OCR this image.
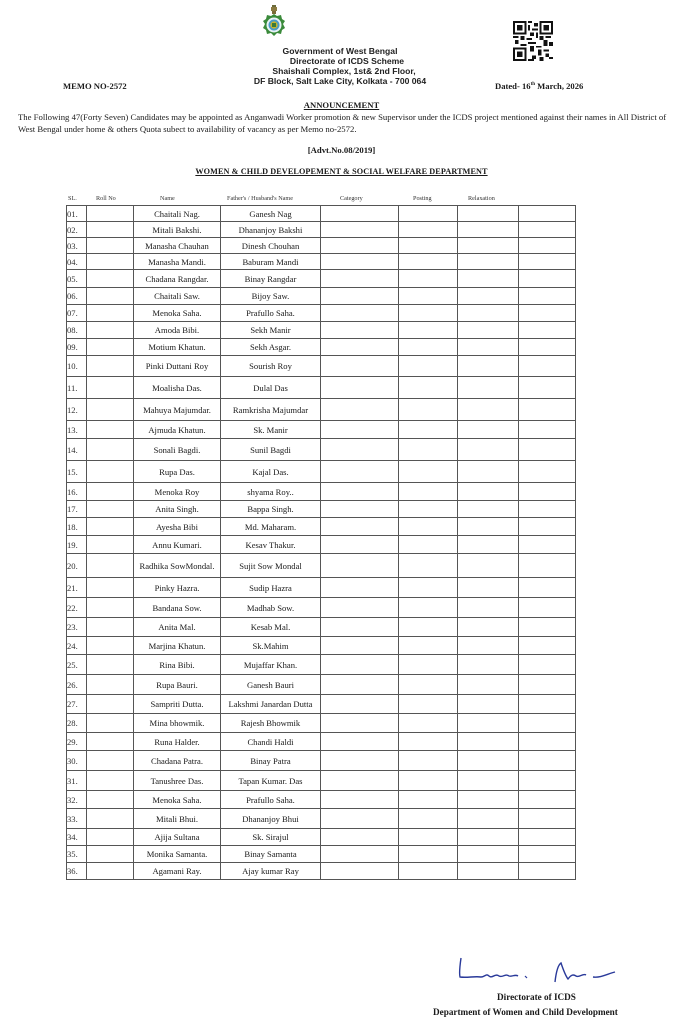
Government of West Bengal
Directorate of ICDS Scheme
Shaishali Complex, 1st& 2nd Floor,
DF Block, Salt Lake City, Kolkata - 700 064
MEMO NO-2572	Dated- 16th March, 2026
ANNOUNCEMENT
The Following 47(Forty Seven) Candidates may be appointed as Anganwadi Worker promotion & new Supervisor under the ICDS project mentioned against their names in All District of West Bengal under home & others Quota subect to availability of vacancy as per Memo no-2572.
[Advt.No.08/2019]
WOMEN & CHILD DEVELOPEMENT & SOCIAL WELFARE DEPARTMENT
SL.	Roll No	Name	Father's / Husband's Name	Category	Posting	Relaxation
01.		Chaitali Nag.	Ganesh Nag				
02.		Mitali Bakshi.	Dhananjoy Bakshi				
03.		Manasha Chauhan	Dinesh Chouhan				
04.		Manasha Mandi.	Baburam Mandi				
05.		Chadana Rangdar.	Binay Rangdar				
06.		Chaitali Saw.	Bijoy Saw.				
07.		Menoka Saha.	Prafullo Saha.				
08.		Amoda Bibi.	Sekh Manir				
09.		Motium Khatun.	Sekh Asgar.				
10.		Pinki Duttani Roy	Sourish Roy				
11.		Moalisha Das.	Dulal Das				
12.		Mahuya Majumdar.	Ramkrisha Majumdar				
13.		Ajmuda Khatun.	Sk. Manir				
14.		Sonali Bagdi.	Sunil Bagdi				
15.		Rupa Das.	Kajal Das.				
16.		Menoka Roy	shyama Roy..				
17.		Anita Singh.	Bappa Singh.				
18.		Ayesha Bibi	Md. Maharam.				
19.		Annu Kumari.	Kesav Thakur.				
20.		Radhika SowMondal.	Sujit Sow Mondal				
21.		Pinky Hazra.	Sudip Hazra				
22.		Bandana Sow.	Madhab Sow.				
23.		Anita Mal.	Kesab Mal.				
24.		Marjina Khatun.	Sk.Mahim				
25.		Rina Bibi.	Mujaffar Khan.				
26.		Rupa Bauri.	Ganesh Bauri				
27.		Sampriti Dutta.	Lakshmi Janardan Dutta				
28.		Mina bhowmik.	Rajesh Bhowmik				
29.		Runa Halder.	Chandi Haldi				
30.		Chadana Patra.	Binay Patra				
31.		Tanushree Das.	Tapan Kumar. Das				
32.		Menoka Saha.	Prafullo Saha.				
33.		Mitali Bhui.	Dhananjoy Bhui				
34.		Ajija Sultana	Sk. Sirajul				
35.		Monika Samanta.	Binay Samanta				
36.		Agamani Ray.	Ajay kumar Ray				
Directorate of ICDS
Department of Women and Child Development
